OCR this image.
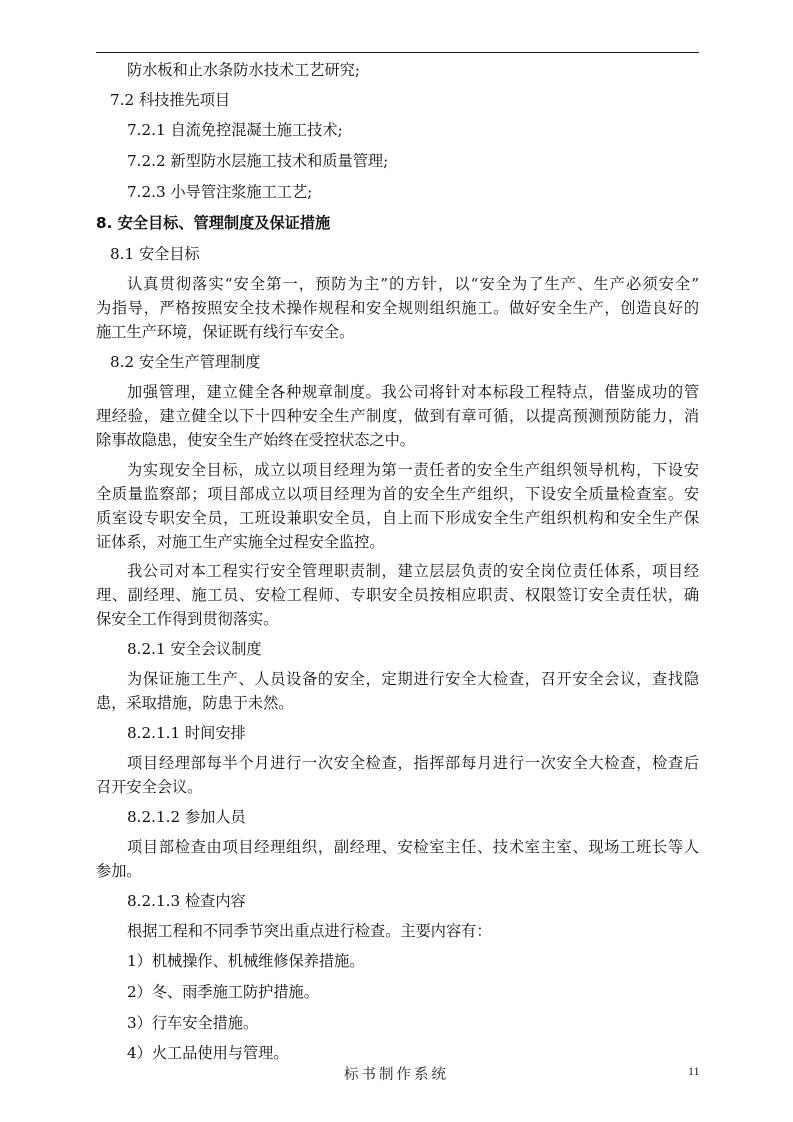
防水板和止水条防水技术工艺研究;
7.2 科技推先项目
7.2.1 自流免控混凝土施工技术;
7.2.2 新型防水层施工技术和质量管理;
7.2.3 小导管注浆施工工艺;
8. 安全目标、管理制度及保证措施
8.1 安全目标
认真贯彻落实“安全第一，预防为主”的方针，以“安全为了生产、生产必须安全”
为指导，严格按照安全技术操作规程和安全规则组织施工。做好安全生产，创造良好的
施工生产环境，保证既有线行车安全。
8.2 安全生产管理制度
加强管理，建立健全各种规章制度。我公司将针对本标段工程特点，借鉴成功的管
理经验，建立健全以下十四种安全生产制度，做到有章可循，以提高预测预防能力，消
除事故隐患，使安全生产始终在受控状态之中。
为实现安全目标，成立以项目经理为第一责任者的安全生产组织领导机构，下设安
全质量监察部；项目部成立以项目经理为首的安全生产组织，下设安全质量检查室。安
质室设专职安全员，工班设兼职安全员，自上而下形成安全生产组织机构和安全生产保
证体系，对施工生产实施全过程安全监控。
我公司对本工程实行安全管理职责制，建立层层负责的安全岗位责任体系，项目经
理、副经理、施工员、安检工程师、专职安全员按相应职责、权限签订安全责任状，确
保安全工作得到贯彻落实。
8.2.1 安全会议制度
为保证施工生产、人员设备的安全，定期进行安全大检查，召开安全会议，查找隐
患，采取措施，防患于未然。
8.2.1.1 时间安排
项目经理部每半个月进行一次安全检查，指挥部每月进行一次安全大检查，检查后
召开安全会议。
8.2.1.2 参加人员
项目部检查由项目经理组织，副经理、安检室主任、技术室主室、现场工班长等人
参加。
8.2.1.3 检查内容
根据工程和不同季节突出重点进行检查。主要内容有：
1）机械操作、机械维修保养措施。
2）冬、雨季施工防护措施。
3）行车安全措施。
4）火工品使用与管理。
标书制作系统	11
